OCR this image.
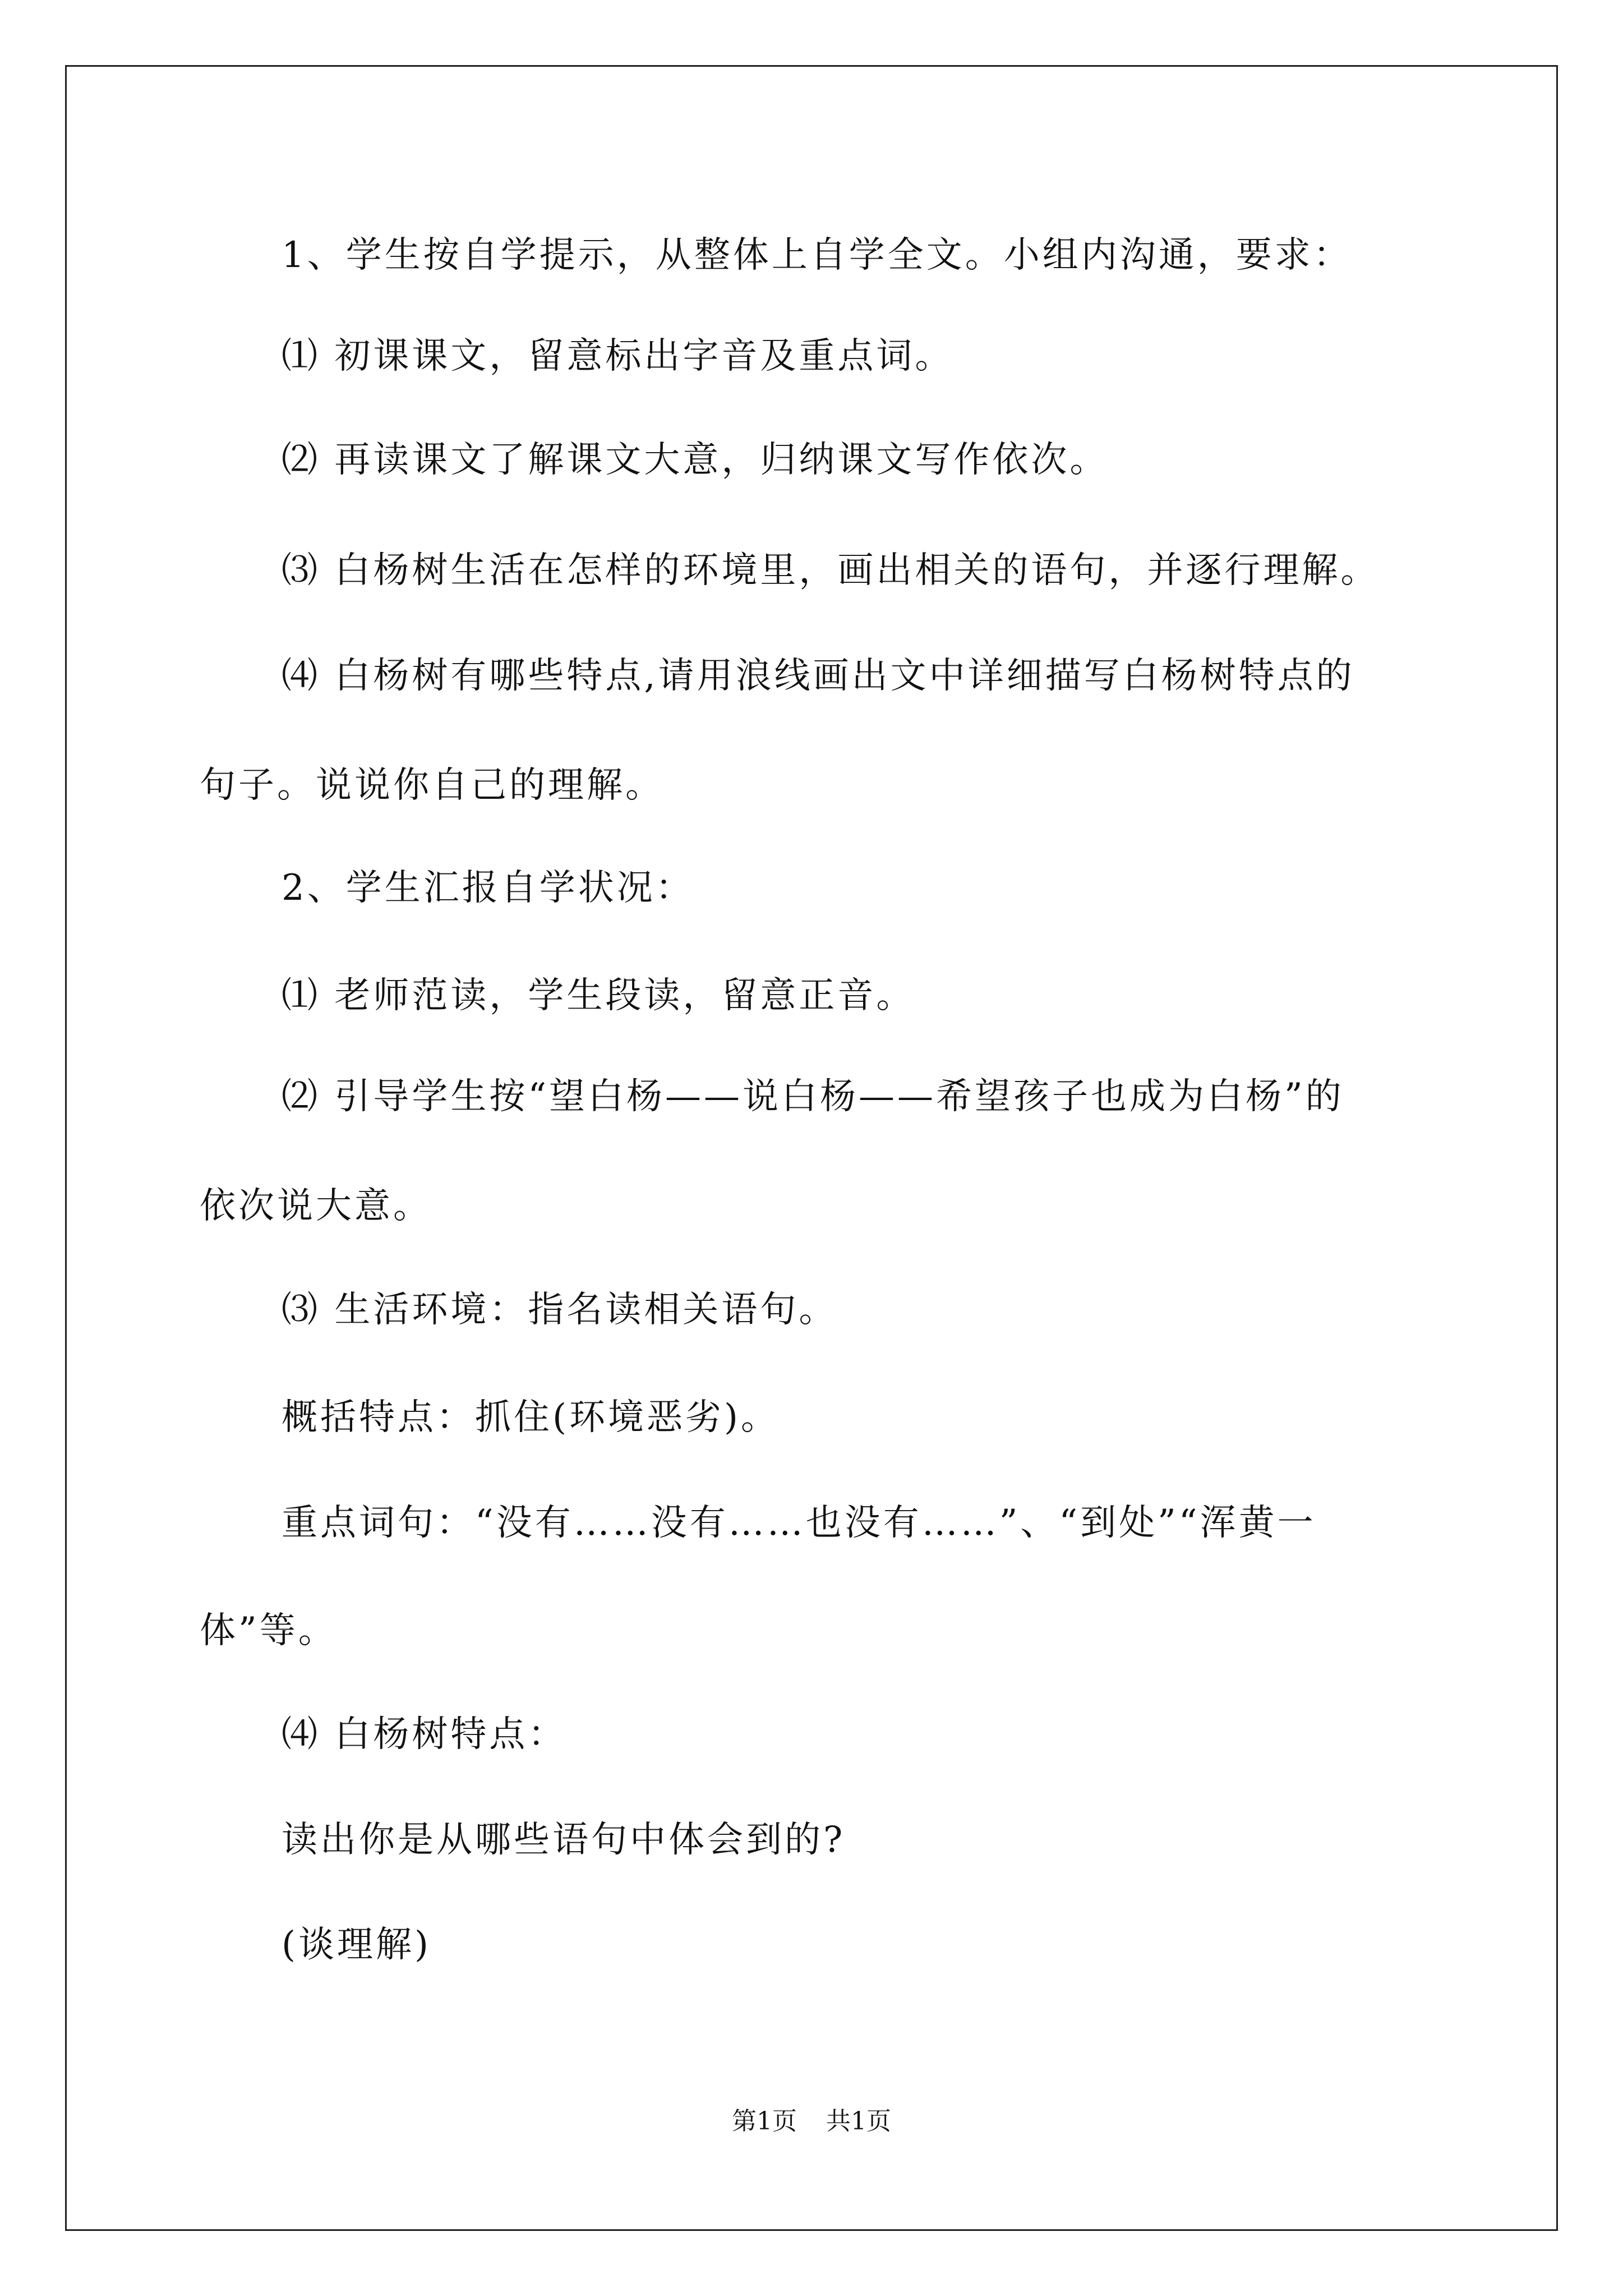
1、学生按自学提示，从整体上自学全文。小组内沟通，要求：
⑴ 初课课文，留意标出字音及重点词。
⑵ 再读课文了解课文大意，归纳课文写作依次。
⑶ 白杨树生活在怎样的环境里，画出相关的语句，并逐行理解。
⑷ 白杨树有哪些特点,请用浪线画出文中详细描写白杨树特点的
句子。说说你自己的理解。
2、学生汇报自学状况：
⑴ 老师范读，学生段读，留意正音。
⑵ 引导学生按“望白杨——说白杨——希望孩子也成为白杨”的
依次说大意。
⑶ 生活环境：指名读相关语句。
概括特点：抓住(环境恶劣)。
重点词句：“没有……没有……也没有……”、“到处”“浑黄一
体”等。
⑷ 白杨树特点：
读出你是从哪些语句中体会到的?
(谈理解)
第1页 共1页
